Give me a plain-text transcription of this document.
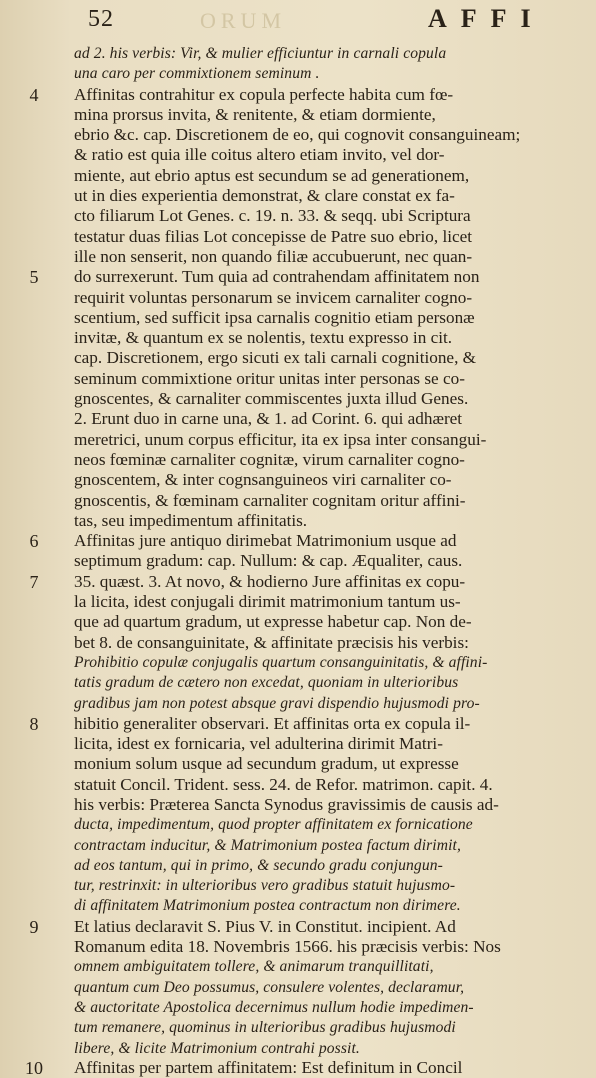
52	ORUM	AFFI
ad 2. his verbis: Vir, & mulier efficiuntur in carnali copula
una caro per commixtionem seminum .
4	Affinitas contrahitur ex copula perfecte habita cum fœ-
mina prorsus invita, & renitente, & etiam dormiente,
ebrio &c. cap. Discretionem de eo, qui cognovit consanguineam;
& ratio est quia ille coitus altero etiam invito, vel dor-
miente, aut ebrio aptus est secundum se ad generationem,
ut in dies experientia demonstrat, & clare constat ex fa-
cto filiarum Lot Genes. c. 19. n. 33. & seqq. ubi Scriptura
testatur duas filias Lot concepisse de Patre suo ebrio, licet
ille non senserit, non quando filiæ accubuerunt, nec quan-
5	do surrexerunt. Tum quia ad contrahendam affinitatem non
requirit voluntas personarum se invicem carnaliter cogno-
scentium, sed sufficit ipsa carnalis cognitio etiam personæ
invitæ, & quantum ex se nolentis, textu expresso in cit.
cap. Discretionem, ergo sicuti ex tali carnali cognitione, &
seminum commixtione oritur unitas inter personas se co-
gnoscentes, & carnaliter commiscentes juxta illud Genes.
2. Erunt duo in carne una, & 1. ad Corint. 6. qui adhæret
meretrici, unum corpus efficitur, ita ex ipsa inter consangui-
neos fœminæ carnaliter cognitæ, virum carnaliter cogno-
gnoscentem, & inter cognsanguineos viri carnaliter co-
gnoscentis, & fœminam carnaliter cognitam oritur affini-
tas, seu impedimentum affinitatis.
6	Affinitas jure antiquo dirimebat Matrimonium usque ad
septimum gradum: cap. Nullum: & cap. Æqualiter, caus.
7	35. quæst. 3. At novo, & hodierno Jure affinitas ex copu-
la licita, idest conjugali dirimit matrimonium tantum us-
que ad quartum gradum, ut expresse habetur cap. Non de-
bet 8. de consanguinitate, & affinitate præcisis his verbis:
Prohibitio copulæ conjugalis quartum consanguinitatis, & affini-
tatis gradum de cætero non excedat, quoniam in ulterioribus
gradibus jam non potest absque gravi dispendio hujusmodi pro-
8	hibitio generaliter observari. Et affinitas orta ex copula il-
licita, idest ex fornicaria, vel adulterina dirimit Matri-
monium solum usque ad secundum gradum, ut expresse
statuit Concil. Trident. sess. 24. de Refor. matrimon. capit. 4.
his verbis: Præterea Sancta Synodus gravissimis de causis ad-
ducta, impedimentum, quod propter affinitatem ex fornicatione
contractam inducitur, & Matrimonium postea factum dirimit,
ad eos tantum, qui in primo, & secundo gradu conjungun-
tur, restrinxit: in ulterioribus vero gradibus statuit hujusmo-
di affinitatem Matrimonium postea contractum non dirimere.
9	Et latius declaravit S. Pius V. in Constitut. incipient. Ad
Romanum edita 18. Novembris 1566. his præcisis verbis: Nos
omnem ambiguitatem tollere, & animarum tranquillitati,
quantum cum Deo possumus, consulere volentes, declaramur,
& auctoritate Apostolica decernimus nullum hodie impedimen-
tum remanere, quominus in ulterioribus gradibus hujusmodi
libere, & licite Matrimonium contrahi possit.
10 Affinitas per partem affinitatem: Est definitum in Concil
